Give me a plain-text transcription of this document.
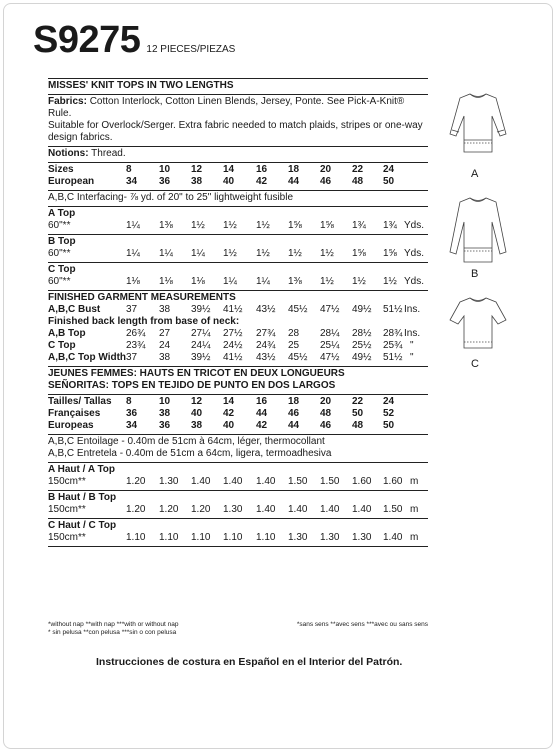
S9275 12 PIECES/PIEZAS
MISSES' KNIT TOPS IN TWO LENGTHS
Fabrics: Cotton Interlock, Cotton Linen Blends, Jersey, Ponte. See Pick-A-Knit® Rule.
Suitable for Overlock/Serger. Extra fabric needed to match plaids, stripes or one-way
design fabrics.
Notions: Thread.
Sizes	8	10 12 14 16 18 20 22 24
European	34 36 38 40 42 44 46 48 50
A,B,C Interfacing- ⅞ yd. of 20" to 25" lightweight fusible
A Top
60"**	1¼ 1⅜ 1½ 1½ 1½ 1⅝ 1⅝ 1¾ 1¾ Yds.
B Top
60"**	1¼ 1¼ 1¼ 1½ 1½ 1½ 1½ 1⅝ 1⅝ Yds.
C Top
60"**	1⅛ 1⅛ 1⅛ 1¼ 1¼ 1⅜ 1½ 1½ 1½ Yds.
FINISHED GARMENT MEASUREMENTS
A,B,C Bust	37 38 39½ 41½ 43½ 45½ 47½ 49½ 51½ Ins.
Finished back length from base of neck:
A,B Top	26¾ 27 27¼ 27½ 27¾ 28 28¼ 28½ 28¾ Ins.
C Top	23¾ 24 24¼ 24½ 24¾ 25 25¼ 25½ 25¾ "
A,B,C Top Width 37 38 39½ 41½ 43½ 45½ 47½ 49½ 51½ "
JEUNES FEMMES: HAUTS EN TRICOT EN DEUX LONGUEURS
SEÑORITAS: TOPS EN TEJIDO DE PUNTO EN DOS LARGOS
Tailles/ Tallas 8	10 12 14 16 18 20 22 24
Françaises	36 38 40 42 44 46 48 50 52
Europeas	34 36 38 40 42 44 46 48 50
A,B,C Entoilage - 0.40m de 51cm à 64cm, léger, thermocollant
A,B,C Entretela - 0.40m de 51cm a 64cm, ligera, termoadhesiva
A Haut / A Top
150cm**	1.20 1.30 1.40 1.40 1.40 1.50 1.50 1.60 1.60 m
B Haut / B Top
150cm**	1.20 1.20 1.20 1.30 1.40 1.40 1.40 1.40 1.50 m
C Haut / C Top
150cm**	1.10 1.10 1.10 1.10 1.10 1.30 1.30 1.30 1.40 m
*without nap **with nap ***with or without nap
* sin pelusa **con pelusa ***sin o con pelusa
*sans sens **avec sens ***avec ou sans sens
Instrucciones de costura en Español en el Interior del Patrón.
A
B
C
